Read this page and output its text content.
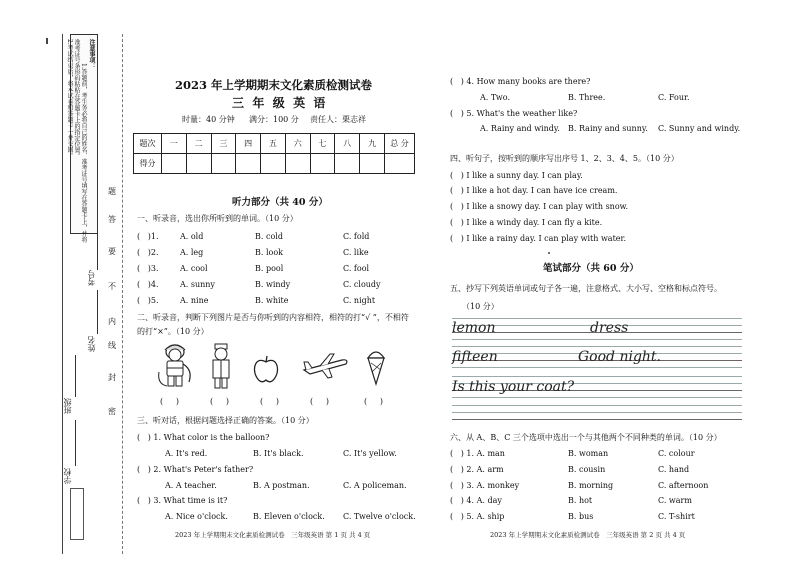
注意事项：
1.答题前，考生务必将自己的姓名、准考证号填写在答题卡上，并将
准考证号条形码粘贴在答题卡上的指定位置。
2.考试结束后，将本试卷和答题卡一并交回。
题
答
要
不
内
线
封
密
考号
姓名
班级
学校
2023 年上学期期末文化素质检测试卷
三  年  级  英  语
时量：40 分钟 满分：100 分 责任人：栗志祥
题次	一	二	三	四	五	六	七	八	九	总 分
得分										
听力部分（共 40 分）
一、听录音，选出你所听到的单词。（10 分）
(   )1.	A. old	B. cold	C. fold
(   )2.	A. leg	B. look	C. like
(   )3.	A. cool	B. pool	C. fool
(   )4.	A. sunny	B. windy	C. cloudy
(   )5.	A. nine	B. white	C. night
二、听录音，判断下列图片是否与你听到的内容相符，相符的打“√ ”，不相符
的打“×”。（10 分）
(     )	(     )	(     )	(     )	(     )
三、听对话，根据问题选择正确的答案。（10 分）
(   ) 1. What color is the balloon?
A. It's red.	B. It's black.	C. It's yellow.
(   ) 2. What's Peter's father?
A. A teacher.	B. A postman.	C. A policeman.
(   ) 3. What time is it?
A. Nice o'clock.	B. Eleven o'clock. C. Twelve o'clock.
2023 年上学期期末文化素质检测试卷　三年级英语 第 1 页 共 4 页
(   ) 4. How many books are there?
A. Two.	B. Three.	C. Four.
(   ) 5. What's the weather like?
A. Rainy and windy. B. Rainy and sunny. C. Sunny and windy.
四、听句子，按听到的顺序写出序号 1、2、3、4、5。（10 分）
(   ) I like a sunny day. I can play.
(   ) I like a hot day. I can have ice cream.
(   ) I like a snowy day. I can play with snow.
(   ) I like a windy day. I can fly a kite.
(   ) I like a rainy day. I can play with water.
笔试部分（共 60 分）
五、抄写下列英语单词或句子各一遍，注意格式、大小写、空格和标点符号。
（10 分）
lemon	dress
fifteen	Good night.
Is this your coat?
六、从 A、B、C 三个选项中选出一个与其他两个不同种类的单词。（10 分）
(   ) 1. A. man	B. woman	C. colour
(   ) 2. A. arm	B. cousin	C. hand
(   ) 3. A. monkey	B. morning	C. afternoon
(   ) 4. A. day	B. hot	C. warm
(   ) 5. A. ship	B. bus	C. T-shirt
2023 年上学期期末文化素质检测试卷　三年级英语 第 2 页 共 4 页
